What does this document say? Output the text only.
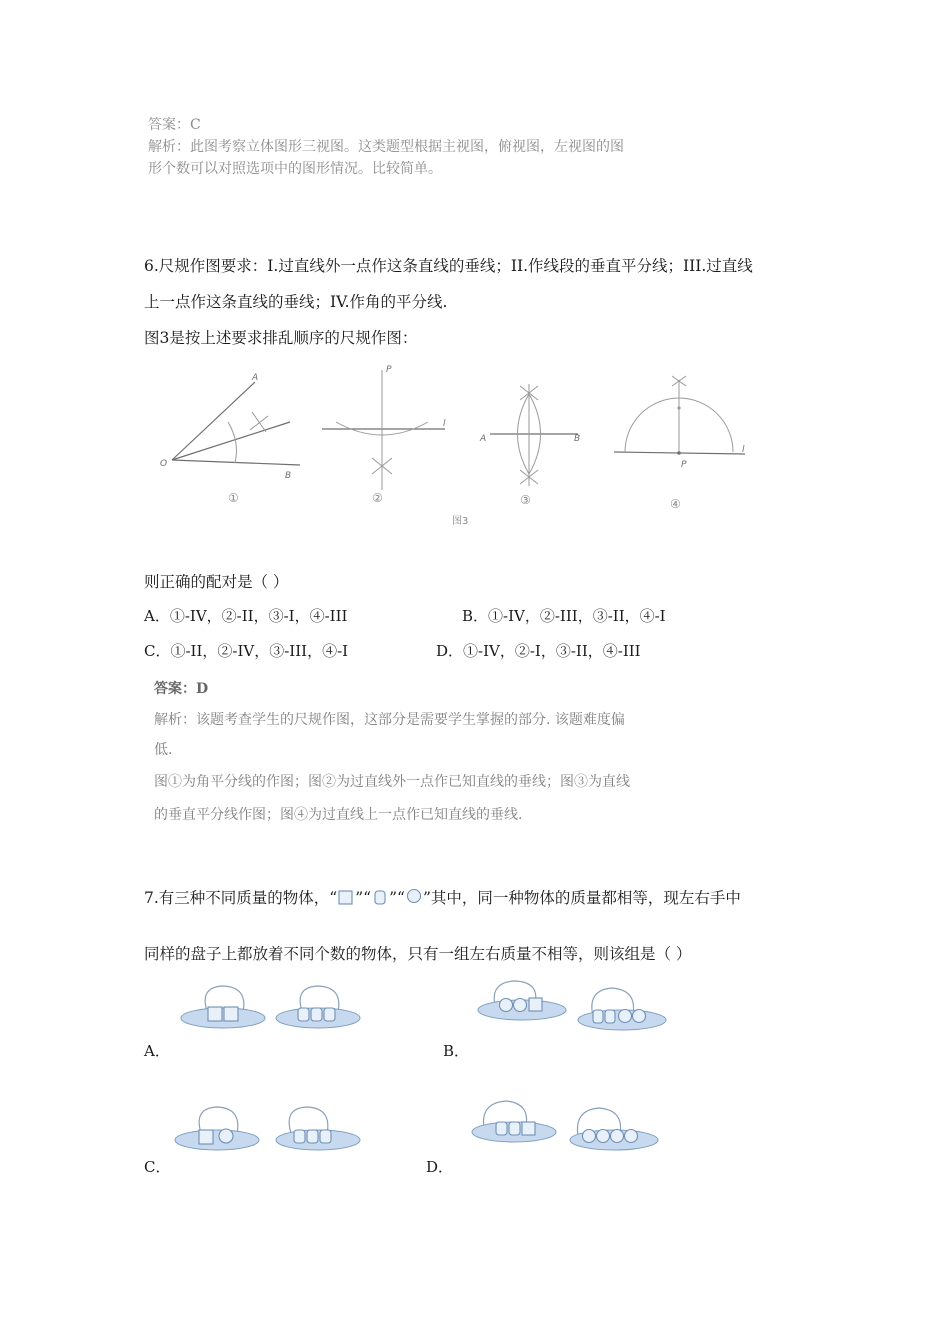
答案：C
解析：此图考察立体图形三视图。这类题型根据主视图，俯视图，左视图的图
形个数可以对照选项中的图形情况。比较简单。
6.尺规作图要求：I.过直线外一点作这条直线的垂线；II.作线段的垂直平分线；III.过直线
上一点作这条直线的垂线；IV.作角的平分线.
图3是按上述要求排乱顺序的尺规作图：
A
O
B
①
P
l
②
A	B
③
P
l
④
图3
则正确的配对是（ ）
A．①-IV，②-II，③-I，④-III	B．①-IV，②-III，③-II，④-I
C．①-II，②-IV，③-III，④-I	D．①-IV，②-I，③-II，④-III
答案：D
解析：该题考查学生的尺规作图，这部分是需要学生掌握的部分. 该题难度偏
低.
图①为角平分线的作图；图②为过直线外一点作已知直线的垂线；图③为直线
的垂直平分线作图；图④为过直线上一点作已知直线的垂线.
7.有三种不同质量的物体，“ ”“ ”“ ”其中，同一种物体的质量都相等，现左右手中
同样的盘子上都放着不同个数的物体，只有一组左右质量不相等，则该组是（ ）
A．	B．
C．	D．
